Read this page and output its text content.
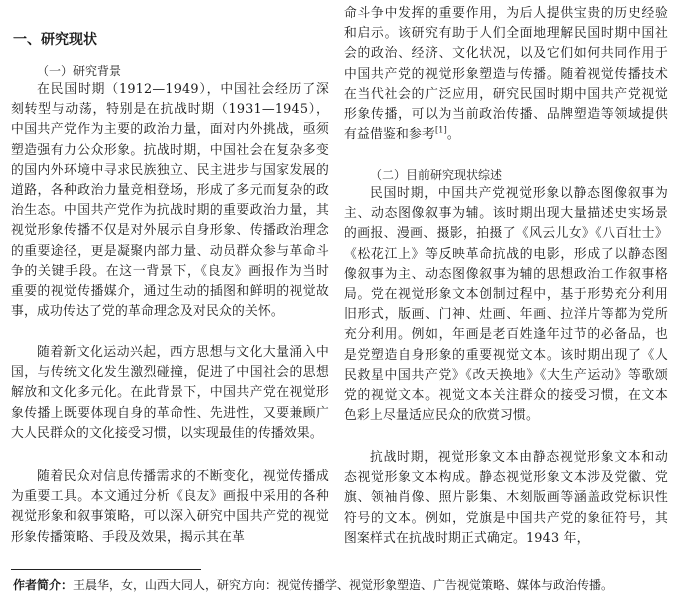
一、研究现状
（一）研究背景
在民国时期（1912—1949），中国社会经历了深刻转型与动荡，特别是在抗战时期（1931—1945），中国共产党作为主要的政治力量，面对内外挑战，亟须塑造强有力公众形象。抗战时期，中国社会在复杂多变的国内外环境中寻求民族独立、民主进步与国家发展的道路，各种政治力量竞相登场，形成了多元而复杂的政治生态。中国共产党作为抗战时期的重要政治力量，其视觉形象传播不仅是对外展示自身形象、传播政治理念的重要途径，更是凝聚内部力量、动员群众参与革命斗争的关键手段。在这一背景下，《良友》画报作为当时重要的视觉传播媒介，通过生动的插图和鲜明的视觉故事，成功传达了党的革命理念及对民众的关怀。
随着新文化运动兴起，西方思想与文化大量涌入中国，与传统文化发生激烈碰撞，促进了中国社会的思想解放和文化多元化。在此背景下，中国共产党在视觉形象传播上既要体现自身的革命性、先进性，又要兼顾广大人民群众的文化接受习惯，以实现最佳的传播效果。
随着民众对信息传播需求的不断变化，视觉传播成为重要工具。本文通过分析《良友》画报中采用的各种视觉形象和叙事策略，可以深入研究中国共产党的视觉形象传播策略、手段及效果，揭示其在革
命斗争中发挥的重要作用，为后人提供宝贵的历史经验和启示。该研究有助于人们全面地理解民国时期中国社会的政治、经济、文化状况，以及它们如何共同作用于中国共产党的视觉形象塑造与传播。随着视觉传播技术在当代社会的广泛应用，研究民国时期中国共产党视觉形象传播，可以为当前政治传播、品牌塑造等领域提供有益借鉴和参考[1]。
（二）目前研究现状综述
民国时期，中国共产党视觉形象以静态图像叙事为主、动态图像叙事为辅。该时期出现大量描述史实场景的画报、漫画、摄影，拍摄了《风云儿女》《八百壮士》《松花江上》等反映革命抗战的电影，形成了以静态图像叙事为主、动态图像叙事为辅的思想政治工作叙事格局。党在视觉形象文本创制过程中，基于形势充分利用旧形式，版画、门神、灶画、年画、拉洋片等都为党所充分利用。例如，年画是老百姓逢年过节的必备品，也是党塑造自身形象的重要视觉文本。该时期出现了《人民救星中国共产党》《改天换地》《大生产运动》等歌颂党的视觉文本。视觉文本关注群众的接受习惯，在文本色彩上尽量适应民众的欣赏习惯。
抗战时期，视觉形象文本由静态视觉形象文本和动态视觉形象文本构成。静态视觉形象文本涉及党徽、党旗、领袖肖像、照片影集、木刻版画等涵盖政党标识性符号的文本。例如，党旗是中国共产党的象征符号，其图案样式在抗战时期正式确定。1943 年，
作者简介：王晨华，女，山西大同人，研究方向：视觉传播学、视觉形象塑造、广告视觉策略、媒体与政治传播。
